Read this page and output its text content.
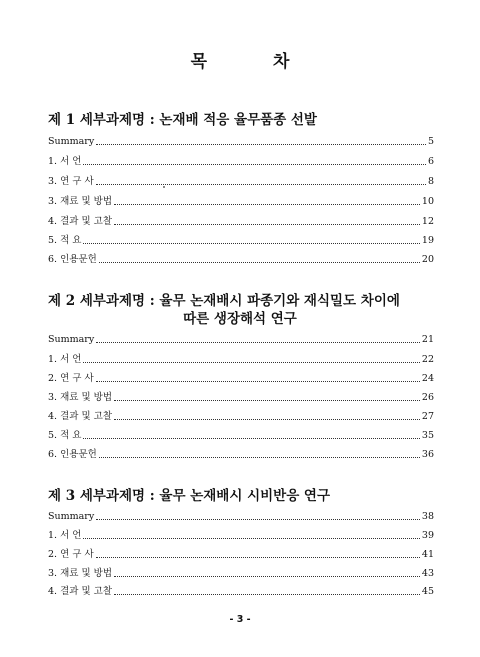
목 차
제 1 세부과제명 : 논재배 적응 율무품종 선발
Summary	5
1. 서 언	6
3. 연 구 사	8
3. 재료 및 방법	10
4. 결과 및 고찰	12
5. 적 요	19
6. 인용문헌	20
제 2 세부과제명 : 율무 논재배시 파종기와 재식밀도 차이에
따른 생장해석 연구
Summary	21
1. 서 언	22
2. 연 구 사	24
3. 재료 및 방법	26
4. 결과 및 고찰	27
5. 적 요	35
6. 인용문헌	36
제 3 세부과제명 : 율무 논재배시 시비반응 연구
Summary	38
1. 서 언	39
2. 연 구 사	41
3. 재료 및 방법	43
4. 결과 및 고찰	45
- 3 -
